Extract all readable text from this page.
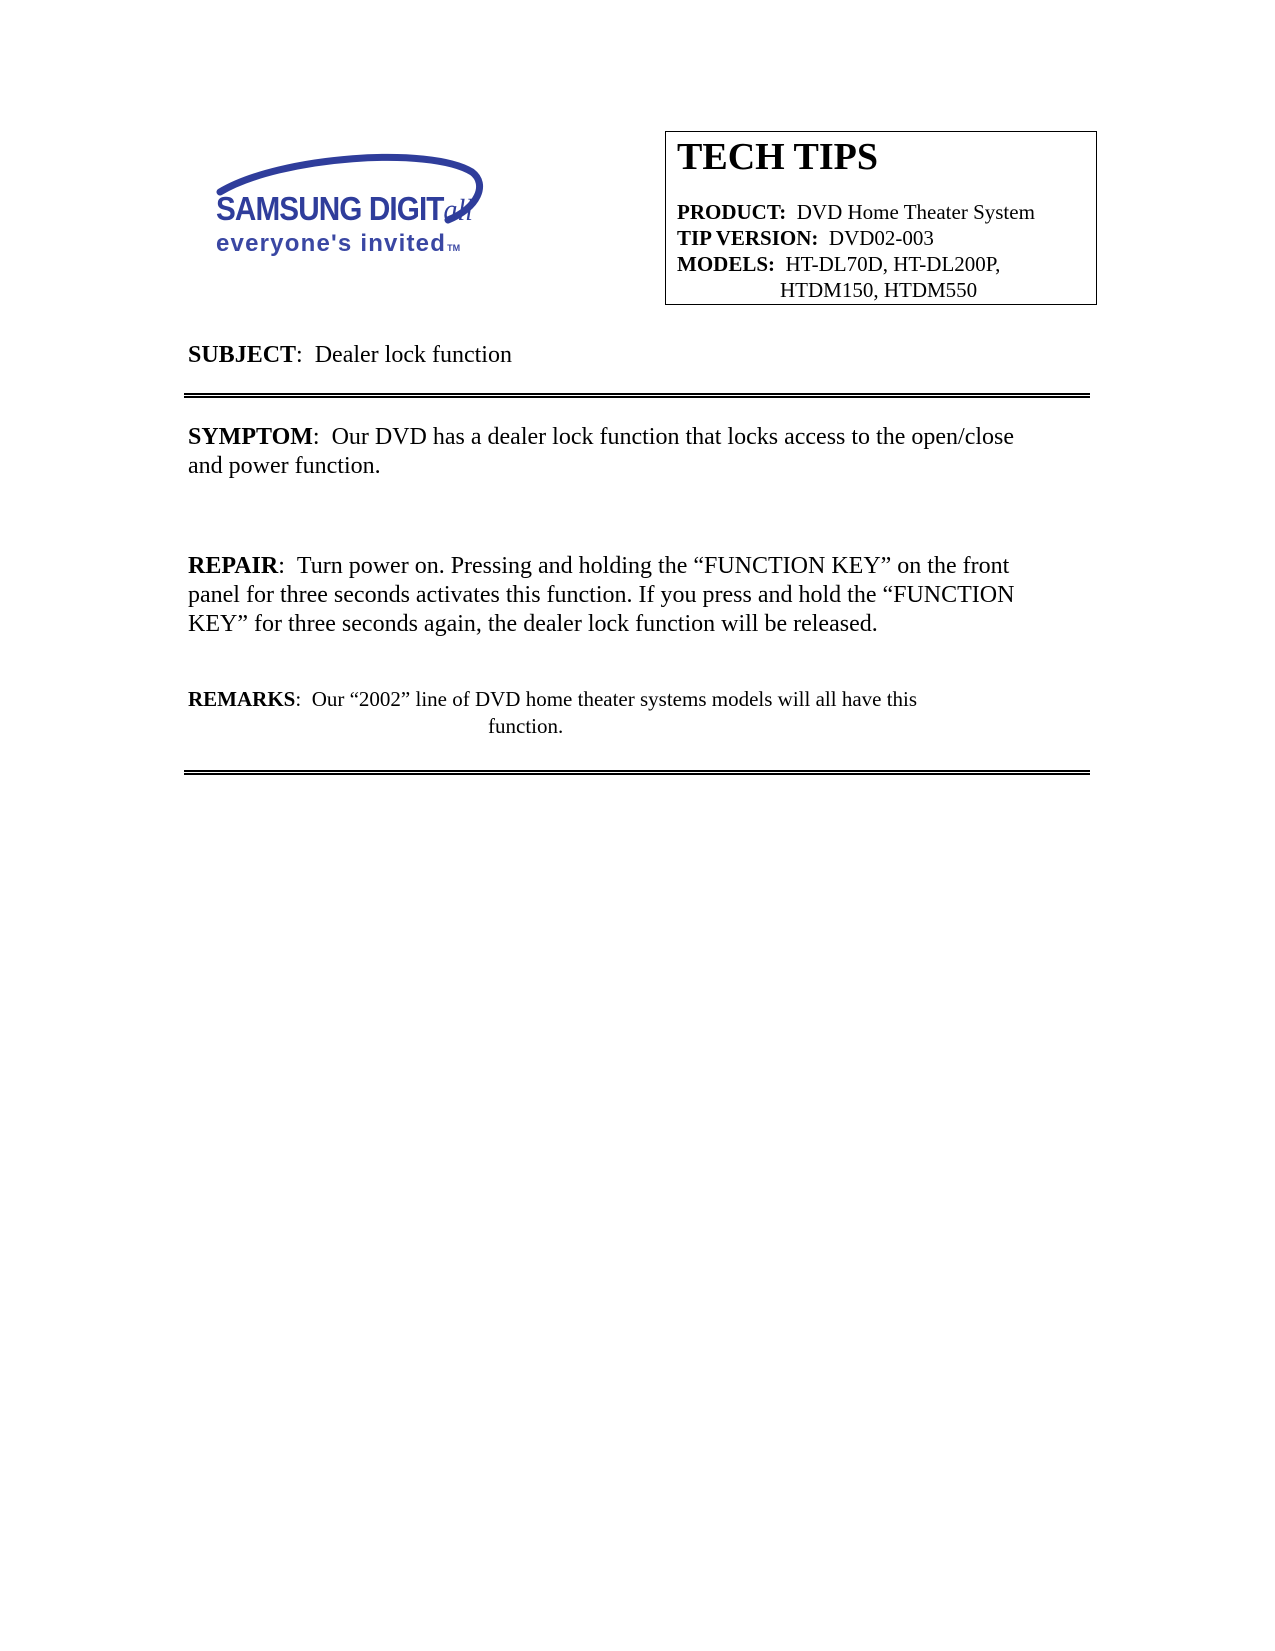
SAMSUNG DIGITall
everyone's invitedTM
TECH TIPS
PRODUCT: DVD Home Theater System
TIP VERSION: DVD02-003
MODELS: HT-DL70D, HT-DL200P,
HTDM150, HTDM550
SUBJECT:  Dealer lock function
SYMPTOM:  Our DVD has a dealer lock function that locks access to the open/close
and power function.
REPAIR:  Turn power on. Pressing and holding the “FUNCTION KEY” on the front
panel for three seconds activates this function. If you press and hold the “FUNCTION
KEY” for three seconds again, the dealer lock function will be released.
REMARKS:  Our “2002” line of DVD home theater systems models will all have this
function.
